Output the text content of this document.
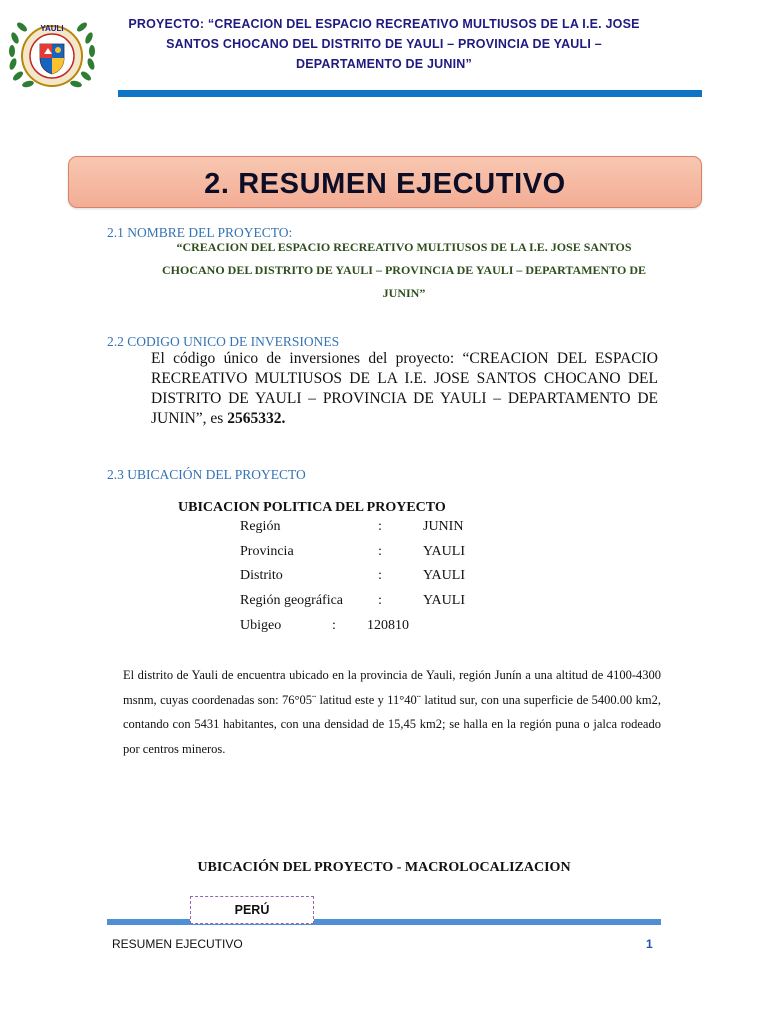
YAULI	PROYECTO: “CREACION DEL ESPACIO RECREATIVO MULTIUSOS DE LA I.E. JOSE
SANTOS CHOCANO DEL DISTRITO DE YAULI – PROVINCIA DE YAULI –
DEPARTAMENTO DE JUNIN”
2. RESUMEN EJECUTIVO
2.1 NOMBRE DEL PROYECTO:
“CREACION DEL ESPACIO RECREATIVO MULTIUSOS DE LA I.E. JOSE SANTOS
CHOCANO DEL DISTRITO DE YAULI – PROVINCIA DE YAULI – DEPARTAMENTO DE
JUNIN”
2.2 CODIGO UNICO DE INVERSIONES
El código único de inversiones del proyecto: “CREACION DEL ESPACIO RECREATIVO MULTIUSOS DE LA I.E. JOSE SANTOS CHOCANO DEL DISTRITO DE YAULI – PROVINCIA DE YAULI – DEPARTAMENTO DE JUNIN”, es 2565332.
2.3 UBICACIÓN DEL PROYECTO
UBICACION POLITICA DEL PROYECTO
Región	:	JUNIN
Provincia	:	YAULI
Distrito	:	YAULI
Región geográfica :	YAULI
Ubigeo	: 120810
El distrito de Yauli de encuentra ubicado en la provincia de Yauli, región Junín a una altitud de 4100-4300 msnm, cuyas coordenadas son: 76°05¨ latitud este y 11°40¨ latitud sur, con una superficie de 5400.00 km2, contando con 5431 habitantes, con una densidad de 15,45 km2; se halla en la región puna o jalca rodeado por centros mineros.
UBICACIÓN DEL PROYECTO - MACROLOCALIZACION
PERÚ
RESUMEN EJECUTIVO	1
